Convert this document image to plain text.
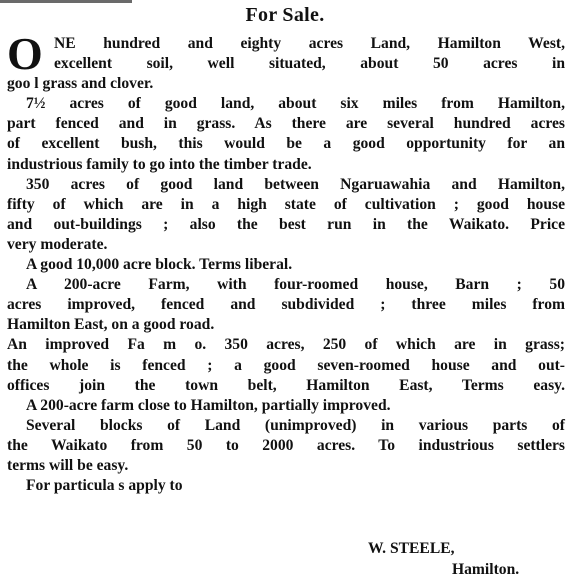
For Sale.
O NE hundred and eighty acres Land, Hamilton West,
excellent soil, well situated, about 50 acres in
goo l grass and clover.
7½ acres of good land, about six miles from Hamilton,
part fenced and in grass. As there are several hundred acres
of excellent bush, this would be a good opportunity for an
industrious family to go into the timber trade.
350 acres of good land between Ngaruawahia and Hamilton,
fifty of which are in a high state of cultivation ; good house
and out-buildings ; also the best run in the Waikato. Price
very moderate.
A good 10,000 acre block. Terms liberal.
A 200-acre Farm, with four-roomed house, Barn ; 50
acres improved, fenced and subdivided ; three miles from
Hamilton East, on a good road.
An improved Fa m o. 350 acres, 250 of which are in grass;
the whole is fenced ; a good seven-roomed house and out-
offices join the town belt, Hamilton East, Terms easy.
A 200-acre farm close to Hamilton, partially improved.
Several blocks of Land (unimproved) in various parts of
the Waikato from 50 to 2000 acres. To industrious settlers
terms will be easy.
For particula s apply to
W. STEELE,
Hamilton.
